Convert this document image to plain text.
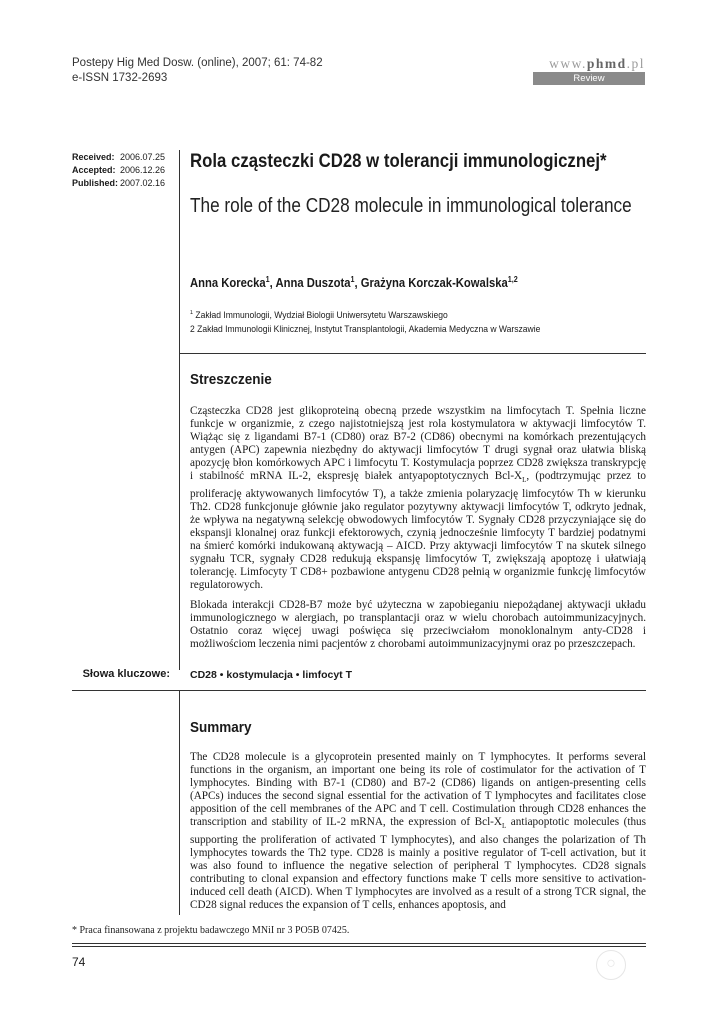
Postepy Hig Med Dosw. (online), 2007; 61: 74-82
e-ISSN 1732-2693
www.phmd.pl
Review
Received: 2006.07.25
Accepted: 2006.12.26
Published: 2007.02.16
Rola cząsteczki CD28 w tolerancji immunologicznej*
The role of the CD28 molecule in immunological tolerance
Anna Korecka$^1$, Anna Duszota$^1$, Grażyna Korczak-Kowalska$^{1,2}$
$^1$ Zakład Immunologii, Wydział Biologii Uniwersytetu Warszawskiego
2 Zakład Immunologii Klinicznej, Instytut Transplantologii, Akademia Medyczna w Warszawie
Streszczenie

Cząsteczka CD28 jest glikoproteiną obecną przede wszystkim na limfocytach T. Spełnia liczne funkcje w organizmie, z czego najistotniejszą jest rola kostymulatora w aktywacji limfocytów T. Wiążąc się z ligandami B7-1 (CD80) oraz B7-2 (CD86) obecnymi na komórkach prezentujących antygen (APC) zapewnia niezbędny do aktywacji limfocytów T drugi sygnał oraz ułatwia bliską apozycję błon komórkowych APC i limfocytu T. Kostymulacja poprzez CD28 zwiększa transkrypcję i stabilność mRNA IL-2, ekspresję białek antyapoptotycznych Bcl-$X_L$, (podtrzymując przez to proliferację aktywowanych limfocytów T), a także zmienia polaryzację limfocytów Th w kierunku Th2. CD28 funkcjonuje głównie jako regulator pozytywny aktywacji limfocytów T, odkryto jednak, że wpływa na negatywną selekcję obwodowych limfocytów T. Sygnały CD28 przyczyniające się do ekspansji klonalnej oraz funkcji efektorowych, czynią jednocześnie limfocyty T bardziej podatnymi na śmierć komórki indukowaną aktywacją – AICD. Przy aktywacji limfocytów T na skutek silnego sygnału TCR, sygnały CD28 redukują ekspansję limfocytów T, zwiększają apoptozę i ułatwiają tolerancję. Limfocyty T CD8+ pozbawione antygenu CD28 pełnią w organizmie funkcję limfocytów regulatorowych.

Blokada interakcji CD28-B7 może być użyteczna w zapobieganiu niepożądanej aktywacji układu immunologicznego w alergiach, po transplantacji oraz w wielu chorobach autoimmunizacyjnych. Ostatnio coraz więcej uwagi poświęca się przeciwciałom monoklonalnym anty-CD28 i możliwościom leczenia nimi pacjentów z chorobami autoimmunizacyjnymi oraz po przeszczepach.

Słowa kluczowe: CD28 • kostymulacja • limfocyt T
Summary

The CD28 molecule is a glycoprotein presented mainly on T lymphocytes. It performs several functions in the organism, an important one being its role of costimulator for the activation of T lymphocytes. Binding with B7-1 (CD80) and B7-2 (CD86) ligands on antigen-presenting cells (APCs) induces the second signal essential for the activation of T lymphocytes and facilitates close apposition of the cell membranes of the APC and T cell. Costimulation through CD28 enhances the transcription and stability of IL-2 mRNA, the expression of Bcl-$X_L$ antiapoptotic molecules (thus supporting the proliferation of activated T lymphocytes), and also changes the polarization of Th lymphocytes towards the Th2 type. CD28 is mainly a positive regulator of T-cell activation, but it was also found to influence the negative selection of peripheral T lymphocytes. CD28 signals contributing to clonal expansion and effectory functions make T cells more sensitive to activation-induced cell death (AICD). When T lymphocytes are involved as a result of a strong TCR signal, the CD28 signal reduces the expansion of T cells, enhances apoptosis, and

* Praca finansowana z projektu badawczego MNiI nr 3 PO5B 07425.
74	○
